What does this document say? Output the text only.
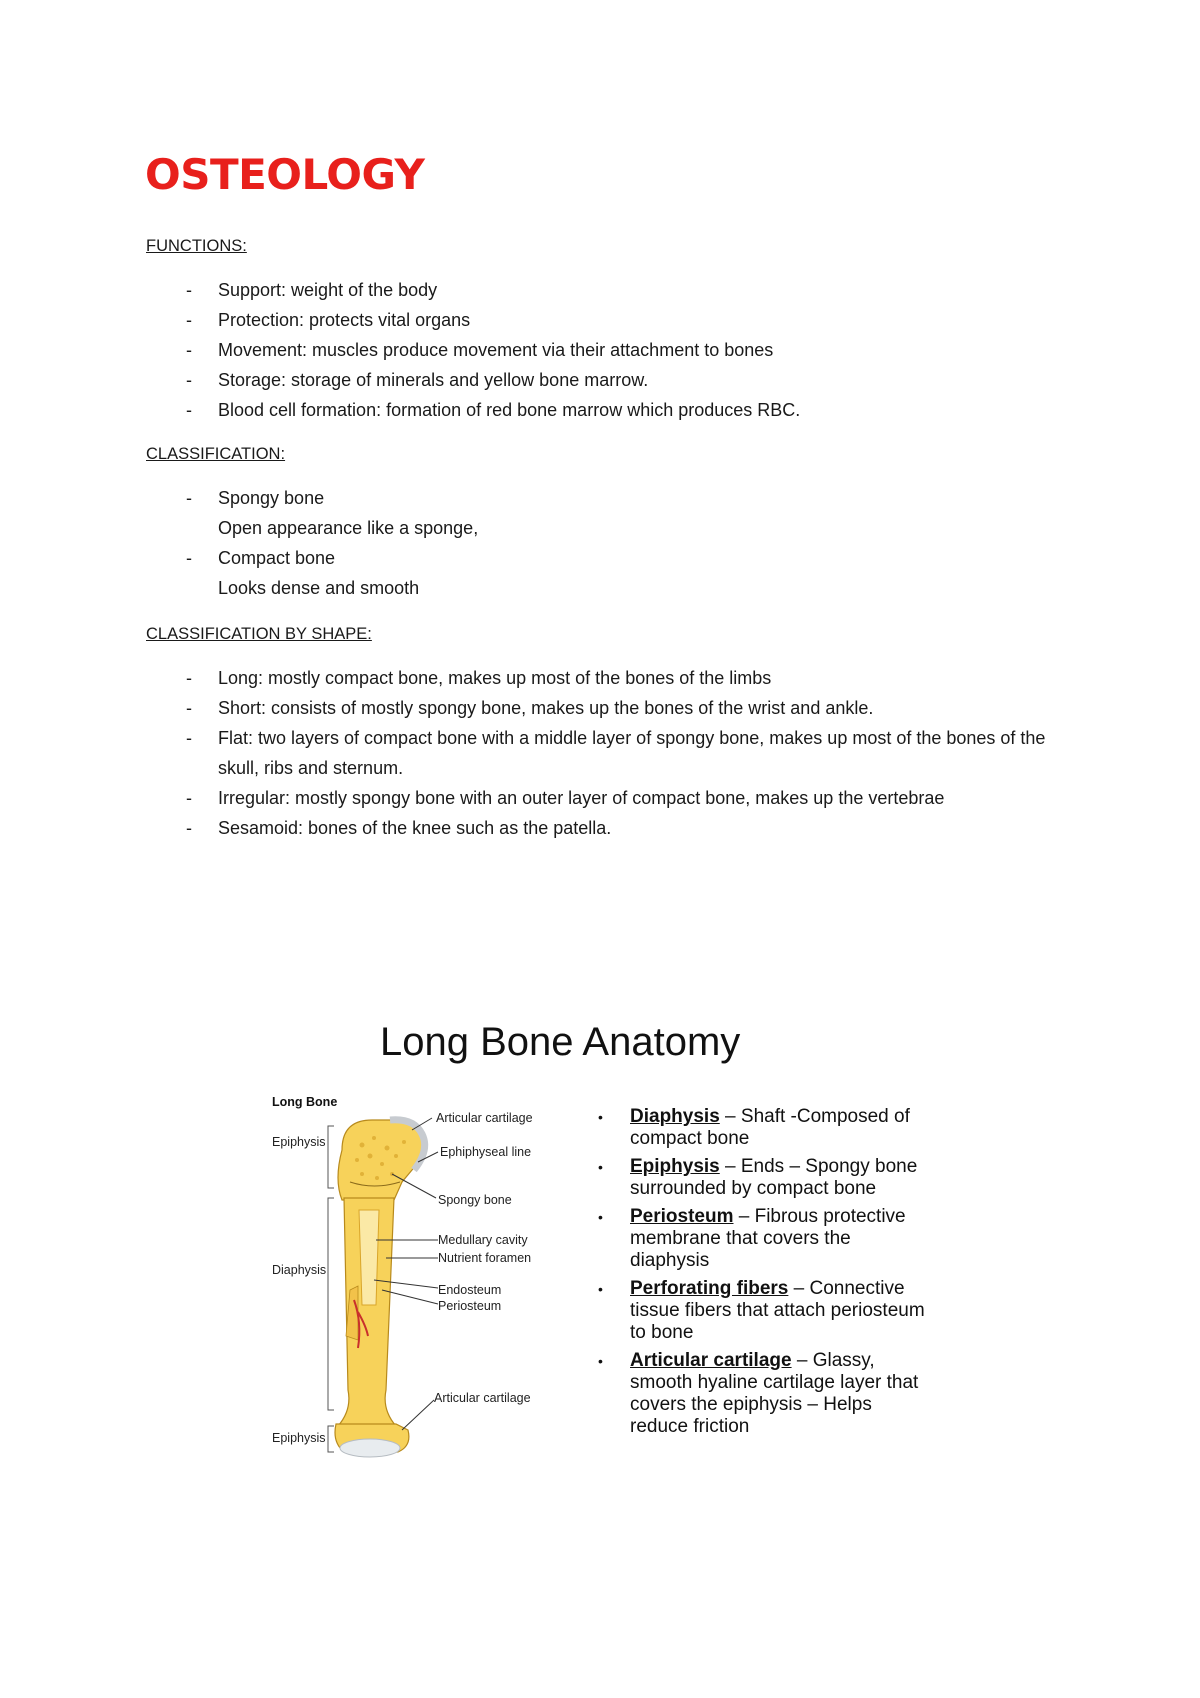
OSTEOLOGY

FUNCTIONS:

- Support: weight of the body
- Protection: protects vital organs
- Movement: muscles produce movement via their attachment to bones
- Storage: storage of minerals and yellow bone marrow.
- Blood cell formation: formation of red bone marrow which produces RBC.

CLASSIFICATION:

- Spongy bone
Open appearance like a sponge,
- Compact bone
Looks dense and smooth

CLASSIFICATION BY SHAPE:

- Long: mostly compact bone, makes up most of the bones of the limbs
- Short: consists of mostly spongy bone, makes up the bones of the wrist and ankle.
- Flat: two layers of compact bone with a middle layer of spongy bone, makes up most of the bones of the skull, ribs and sternum.
- Irregular: mostly spongy bone with an outer layer of compact bone, makes up the vertebrae
- Sesamoid: bones of the knee such as the patella.
Long Bone Anatomy
Long Bone
Epiphysis
Diaphysis
Epiphysis
Articular cartilage
Ephiphyseal line
Spongy bone
Medullary cavity
Nutrient foramen
Endosteum
Periosteum
Articular cartilage
• Diaphysis – Shaft -Composed of compact bone
• Epiphysis – Ends – Spongy bone surrounded by compact bone
• Periosteum – Fibrous protective membrane that covers the diaphysis
• Perforating fibers – Connective tissue fibers that attach periosteum to bone
• Articular cartilage – Glassy, smooth hyaline cartilage layer that covers the epiphysis – Helps reduce friction
